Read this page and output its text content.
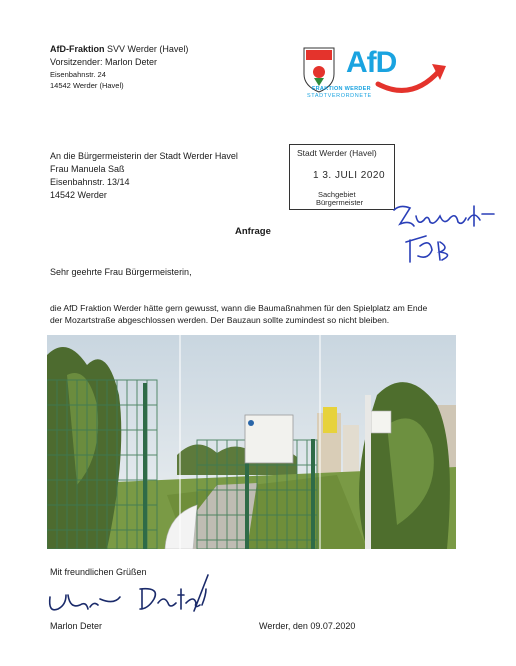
AfD-Fraktion SVV Werder (Havel)
Vorsitzender: Marlon Deter
Eisenbahnstr. 24
14542 Werder (Havel)
AfD
FRAKTION WERDER
STADTVERORDNETE
An die Bürgermeisterin der Stadt Werder Havel
Frau Manuela Saß
Eisenbahnstr. 13/14
14542 Werder
Stadt Werder (Havel)
1 3. JULI 2020
Sachgebiet
Bürgermeister
Anfrage
Sehr geehrte Frau Bürgermeisterin,
die AfD Fraktion Werder hätte gern gewusst, wann die Baumaßnahmen für den Spielplatz am Ende
der Mozartstraße abgeschlossen werden. Der Bauzaun sollte zumindest so nicht bleiben.
Mit freundlichen Grüßen
Marlon Deter	Werder, den 09.07.2020
